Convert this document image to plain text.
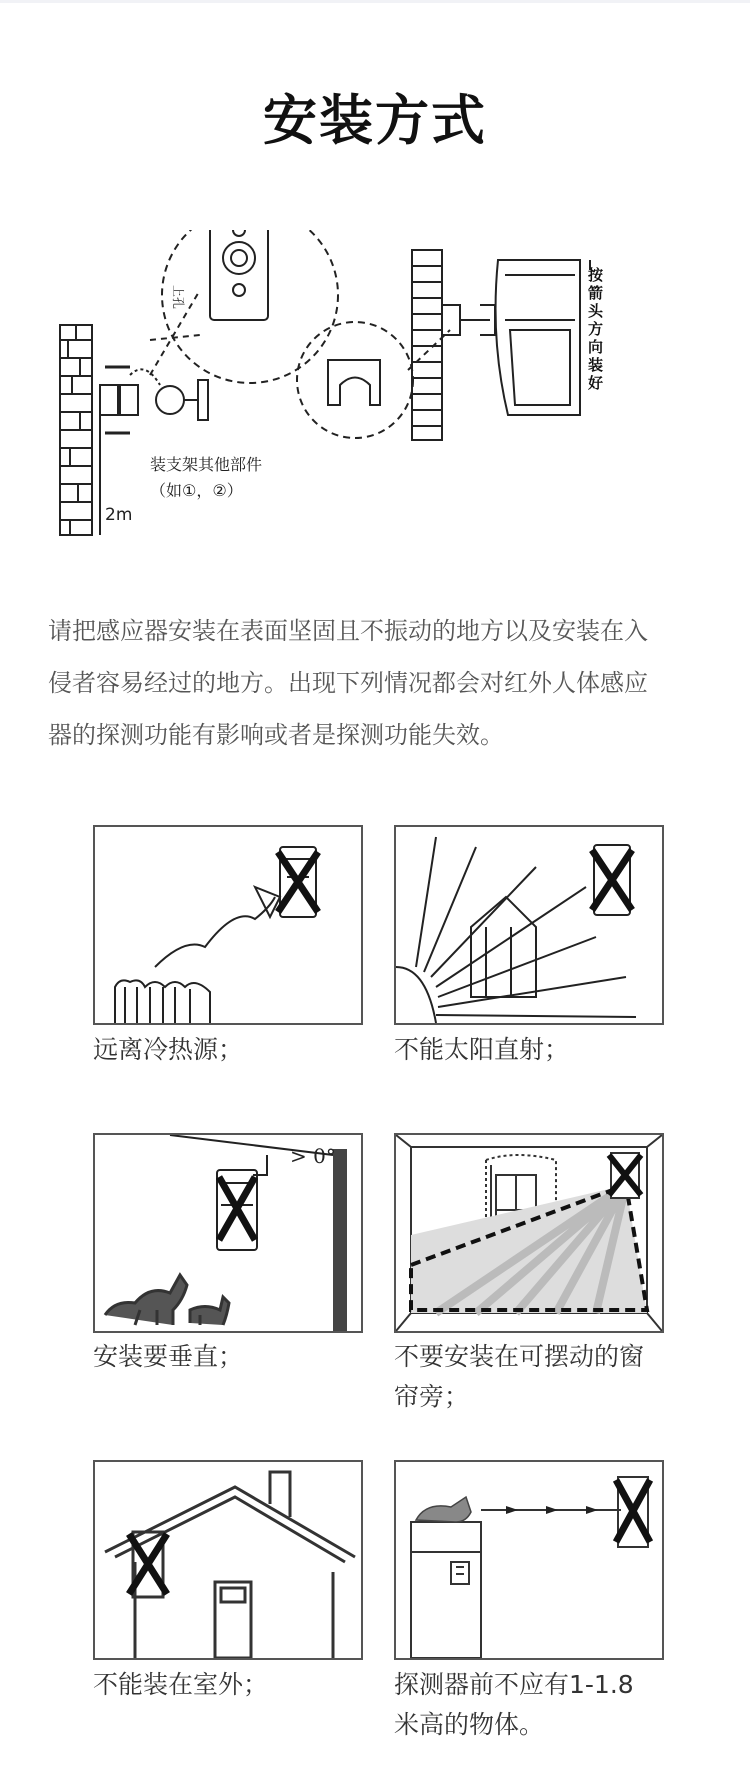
安装方式
上孔
装支架其他部件
（如①，②）
2m
按
箭
头
方
向
装
好

请把感应器安装在表面坚固且不振动的地方以及安装在入

侵者容易经过的地方。出现下列情况都会对红外人体感应

器的探测功能有影响或者是探测功能失效。

远离冷热源；	不能太阳直射；
> 0°
安装要垂直；	不要安装在可摆动的窗
帘旁；
不能装在室外；	探测器前不应有1-1.8
米高的物体。
